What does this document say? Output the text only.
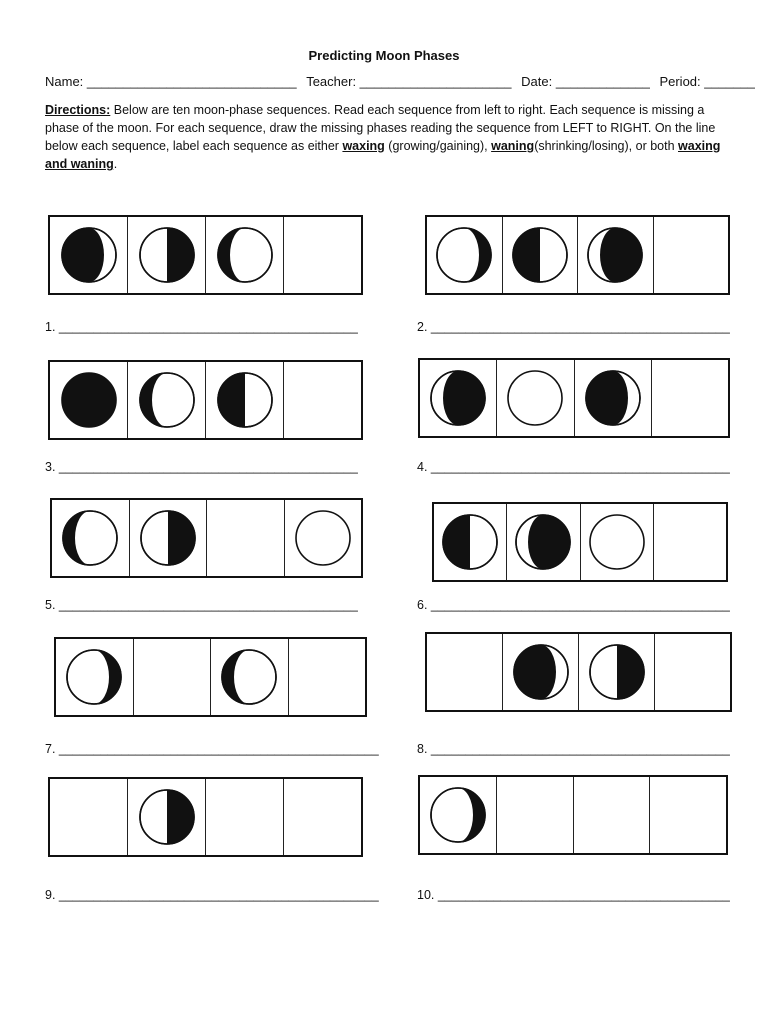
Predicting Moon Phases
Name: _____________________________ Teacher: _____________________ Date: _____________ Period: _______
Directions: Below are ten moon-phase sequences. Read each sequence from left to right. Each sequence is missing a phase of the moon. For each sequence, draw the missing phases reading the sequence from LEFT to RIGHT. On the line below each sequence, label each sequence as either waxing (growing/gaining), waning(shrinking/losing), or both waxing and waning.
1. ___________________________________________	2. ___________________________________________
3. ___________________________________________	4. ___________________________________________
5. ___________________________________________	6. ___________________________________________
7. ______________________________________________	8. ___________________________________________
9. ______________________________________________	10. __________________________________________
